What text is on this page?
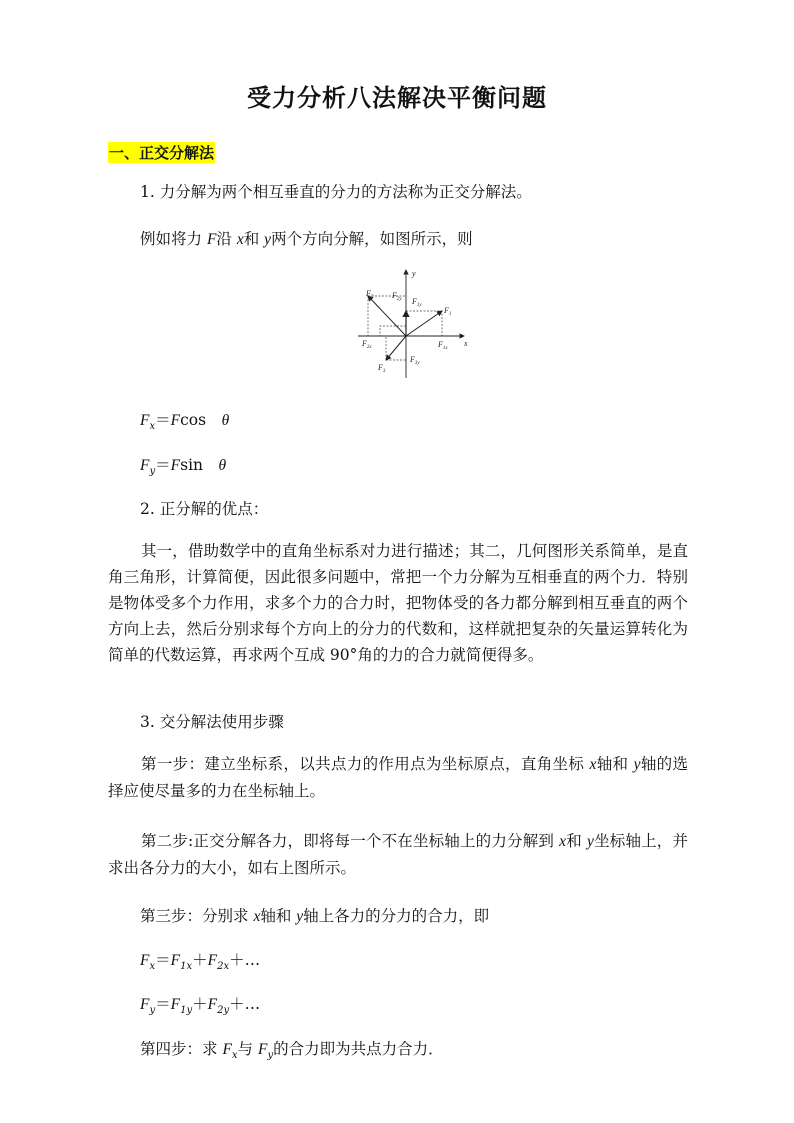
受力分析八法解决平衡问题
一、正交分解法
1. 力分解为两个相互垂直的分力的方法称为正交分解法。
例如将力 F沿 x和 y两个方向分解，如图所示，则
y
x
$F_1$
$F_{1y}$
$F_{1x}$
$F_2$ $F_{2y}$
$F_{2x}$
$F_3$
$F_{3y}$
$F_x=Fcos$　θ
$F_y=Fsin$　θ
2. 正分解的优点：
其一，借助数学中的直角坐标系对力进行描述；其二，几何图形关系简单，是直角三角形，计算简便，因此很多问题中，常把一个力分解为互相垂直的两个力．特别是物体受多个力作用，求多个力的合力时，把物体受的各力都分解到相互垂直的两个方向上去，然后分别求每个方向上的分力的代数和，这样就把复杂的矢量运算转化为简单的代数运算，再求两个互成 90°角的力的合力就简便得多。
3. 交分解法使用步骤
第一步：建立坐标系，以共点力的作用点为坐标原点，直角坐标 x轴和 y轴的选择应使尽量多的力在坐标轴上。
第二步:正交分解各力，即将每一个不在坐标轴上的力分解到 x和 y坐标轴上，并求出各分力的大小，如右上图所示。
第三步：分别求 x轴和 y轴上各力的分力的合力，即
$F_x=F_{1x}+F_{2x}+\dots$
$F_y=F_{1y}+F_{2y}+\dots$
第四步：求 $F_x$与 $F_y$的合力即为共点力合力．
